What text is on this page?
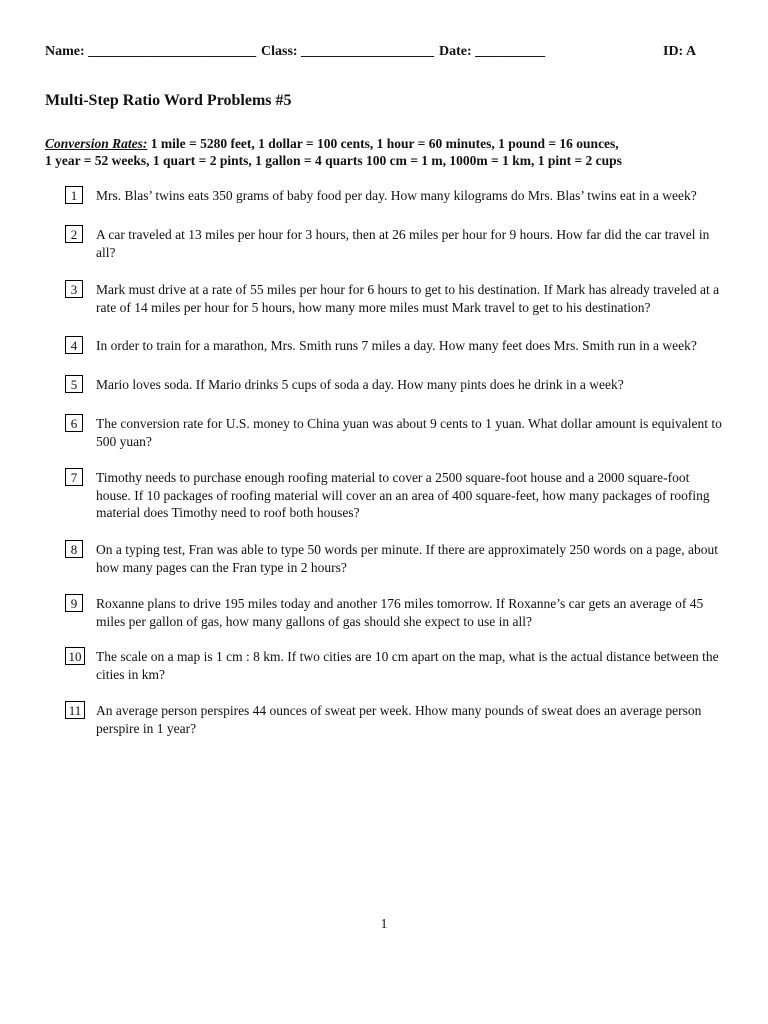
Name: ________________________ Class: ___________________ Date: __________	ID: A
Multi-Step Ratio Word Problems #5
Conversion Rates: 1 mile = 5280 feet, 1 dollar = 100 cents, 1 hour = 60 minutes, 1 pound = 16 ounces,
1 year = 52 weeks, 1 quart = 2 pints, 1 gallon = 4 quarts 100 cm = 1 m, 1000m = 1 km, 1 pint = 2 cups
1	Mrs. Blas’ twins eats 350 grams of baby food per day. How many kilograms do Mrs. Blas’ twins eat in a week?
2	A car traveled at 13 miles per hour for 3 hours, then at 26 miles per hour for 9 hours. How far did the car travel in all?
3	Mark must drive at a rate of 55 miles per hour for 6 hours to get to his destination. If Mark has already traveled at a rate of 14 miles per hour for 5 hours, how many more miles must Mark travel to get to his destination?
4	In order to train for a marathon, Mrs. Smith runs 7 miles a day. How many feet does Mrs. Smith run in a week?
5	Mario loves soda. If Mario drinks 5 cups of soda a day. How many pints does he drink in a week?
6	The conversion rate for U.S. money to China yuan was about 9 cents to 1 yuan. What dollar amount is equivalent to 500 yuan?
7	Timothy needs to purchase enough roofing material to cover a 2500 square-foot house and a 2000 square-foot house. If 10 packages of roofing material will cover an an area of 400 square-feet, how many packages of roofing material does Timothy need to roof both houses?
8	On a typing test, Fran was able to type 50 words per minute. If there are approximately 250 words on a page, about how many pages can the Fran type in 2 hours?
9	Roxanne plans to drive 195 miles today and another 176 miles tomorrow. If Roxanne’s car gets an average of 45 miles per gallon of gas, how many gallons of gas should she expect to use in all?
10 The scale on a map is 1 cm : 8 km. If two cities are 10 cm apart on the map, what is the actual distance between the cities in km?
11 An average person perspires 44 ounces of sweat per week. Hhow many pounds of sweat does an average person perspire in 1 year?
1
